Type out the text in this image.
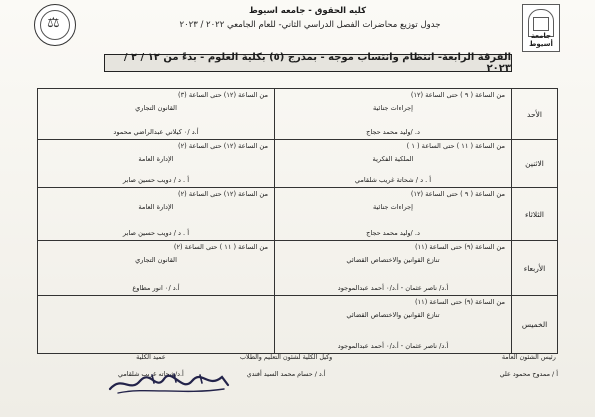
⚖
كليه الحقوق - جامعه اسيوط
جدول توزيع محاضرات الفصل الدراسي الثاني- للعام الجامعي ٢٠٢٢ / ٢٠٢٣
جامعة أسيوط
الفرقة الرابعة- انتظام وانتساب موجه - بمدرج (٥) بكلية العلوم - بدءً من ١٢ / ٢ / ٢٠٢٣
الأحد	من الساعة ( ٩ ) حتى الساعة (١٢)
إجراءات جنائية
د. /وليد محمد حجاج	من الساعة (١٢) حتى الساعة (٣)
القانون التجاري
أ.د /٠ كيلاني عبدالراضي محمود

الاثنين	من الساعة ( ١١ ) حتى الساعة ( ١ )
الملكية الفكرية
أ . د / شحاتة غريب شلقامي	من الساعة (١٢) حتى الساعة (٢)
الإدارة العامة
أ . د / دويب حسين صابر

الثلاثاء	من الساعة ( ٩ ) حتى الساعة (١٢)
إجراءات جنائية
د. /وليد محمد حجاج	من الساعة (١٢) حتى الساعة (٢)
الإدارة العامة
أ . د / دويب حسين صابر

الأربعاء	من الساعة (٩) حتى الساعة (١١)
تنازع القوانين والاختصاص القضائي
أ.د/ ناصر عثمان - أ.د/٠ أحمد عبدالموجود	من الساعة ( ١١ ) حتى الساعة (٢)
القانون التجاري
أ.د /٠ انور مطاوع

الخميس	من الساعة (٩) حتى الساعة (١١)
تنازع القوانين والاختصاص القضائي
أ.د/ ناصر عثمان - أ.د/٠ أحمد عبدالموجود	

رئيس الشئون العامة
أ / ممدوح محمود علي
وكيل الكلية لشئون التعليم والطلاب
أ.د / حسام محمد السيد أفندي
عميد الكلية
أ.د/شحاته غريب شلقامي
